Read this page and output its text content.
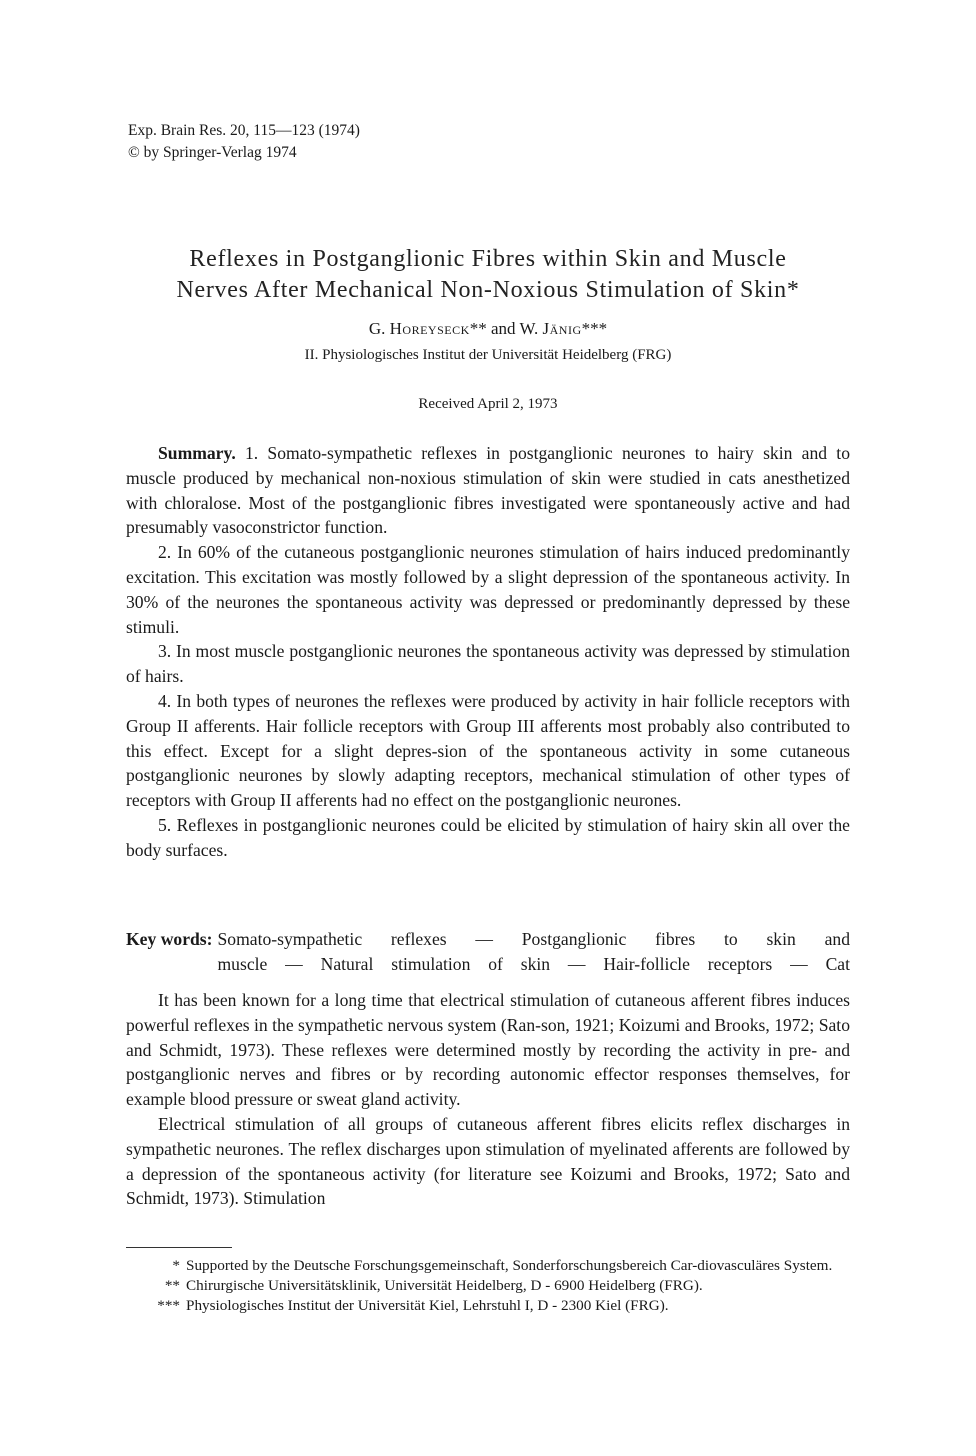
Exp. Brain Res. 20, 115—123 (1974)
© by Springer-Verlag 1974
Reflexes in Postganglionic Fibres within Skin and Muscle
Nerves After Mechanical Non-Noxious Stimulation of Skin*
G. Horeyseck** and W. Jänig***
II. Physiologisches Institut der Universität Heidelberg (FRG)
Received April 2, 1973

Summary. 1. Somato-sympathetic reflexes in postganglionic neurones to hairy skin and to muscle produced by mechanical non-noxious stimulation of skin were studied in cats anesthetized with chloralose. Most of the postganglionic fibres investigated were spontaneously active and had presumably vasoconstrictor function.

2. In 60% of the cutaneous postganglionic neurones stimulation of hairs induced predominantly excitation. This excitation was mostly followed by a slight depression of the spontaneous activity. In 30% of the neurones the spontaneous activity was depressed or predominantly depressed by these stimuli.

3. In most muscle postganglionic neurones the spontaneous activity was depressed by stimulation of hairs.

4. In both types of neurones the reflexes were produced by activity in hair follicle receptors with Group II afferents. Hair follicle receptors with Group III afferents most probably also contributed to this effect. Except for a slight depres-sion of the spontaneous activity in some cutaneous postganglionic neurones by slowly adapting receptors, mechanical stimulation of other types of receptors with Group II afferents had no effect on the postganglionic neurones.

5. Reflexes in postganglionic neurones could be elicited by stimulation of hairy skin all over the body surfaces.

Key words: Somato-sympathetic reflexes — Postganglionic fibres to skin and
muscle — Natural stimulation of skin — Hair-follicle receptors — Cat

It has been known for a long time that electrical stimulation of cutaneous afferent fibres induces powerful reflexes in the sympathetic nervous system (Ran-son, 1921; Koizumi and Brooks, 1972; Sato and Schmidt, 1973). These reflexes were determined mostly by recording the activity in pre- and postganglionic nerves and fibres or by recording autonomic effector responses themselves, for example blood pressure or sweat gland activity.

Electrical stimulation of all groups of cutaneous afferent fibres elicits reflex discharges in sympathetic neurones. The reflex discharges upon stimulation of myelinated afferents are followed by a depression of the spontaneous activity (for literature see Koizumi and Brooks, 1972; Sato and Schmidt, 1973). Stimulation

* Supported by the Deutsche Forschungsgemeinschaft, Sonderforschungsbereich Car-diovasculäres System.
** Chirurgische Universitätsklinik, Universität Heidelberg, D - 6900 Heidelberg (FRG).
*** Physiologisches Institut der Universität Kiel, Lehrstuhl I, D - 2300 Kiel (FRG).
